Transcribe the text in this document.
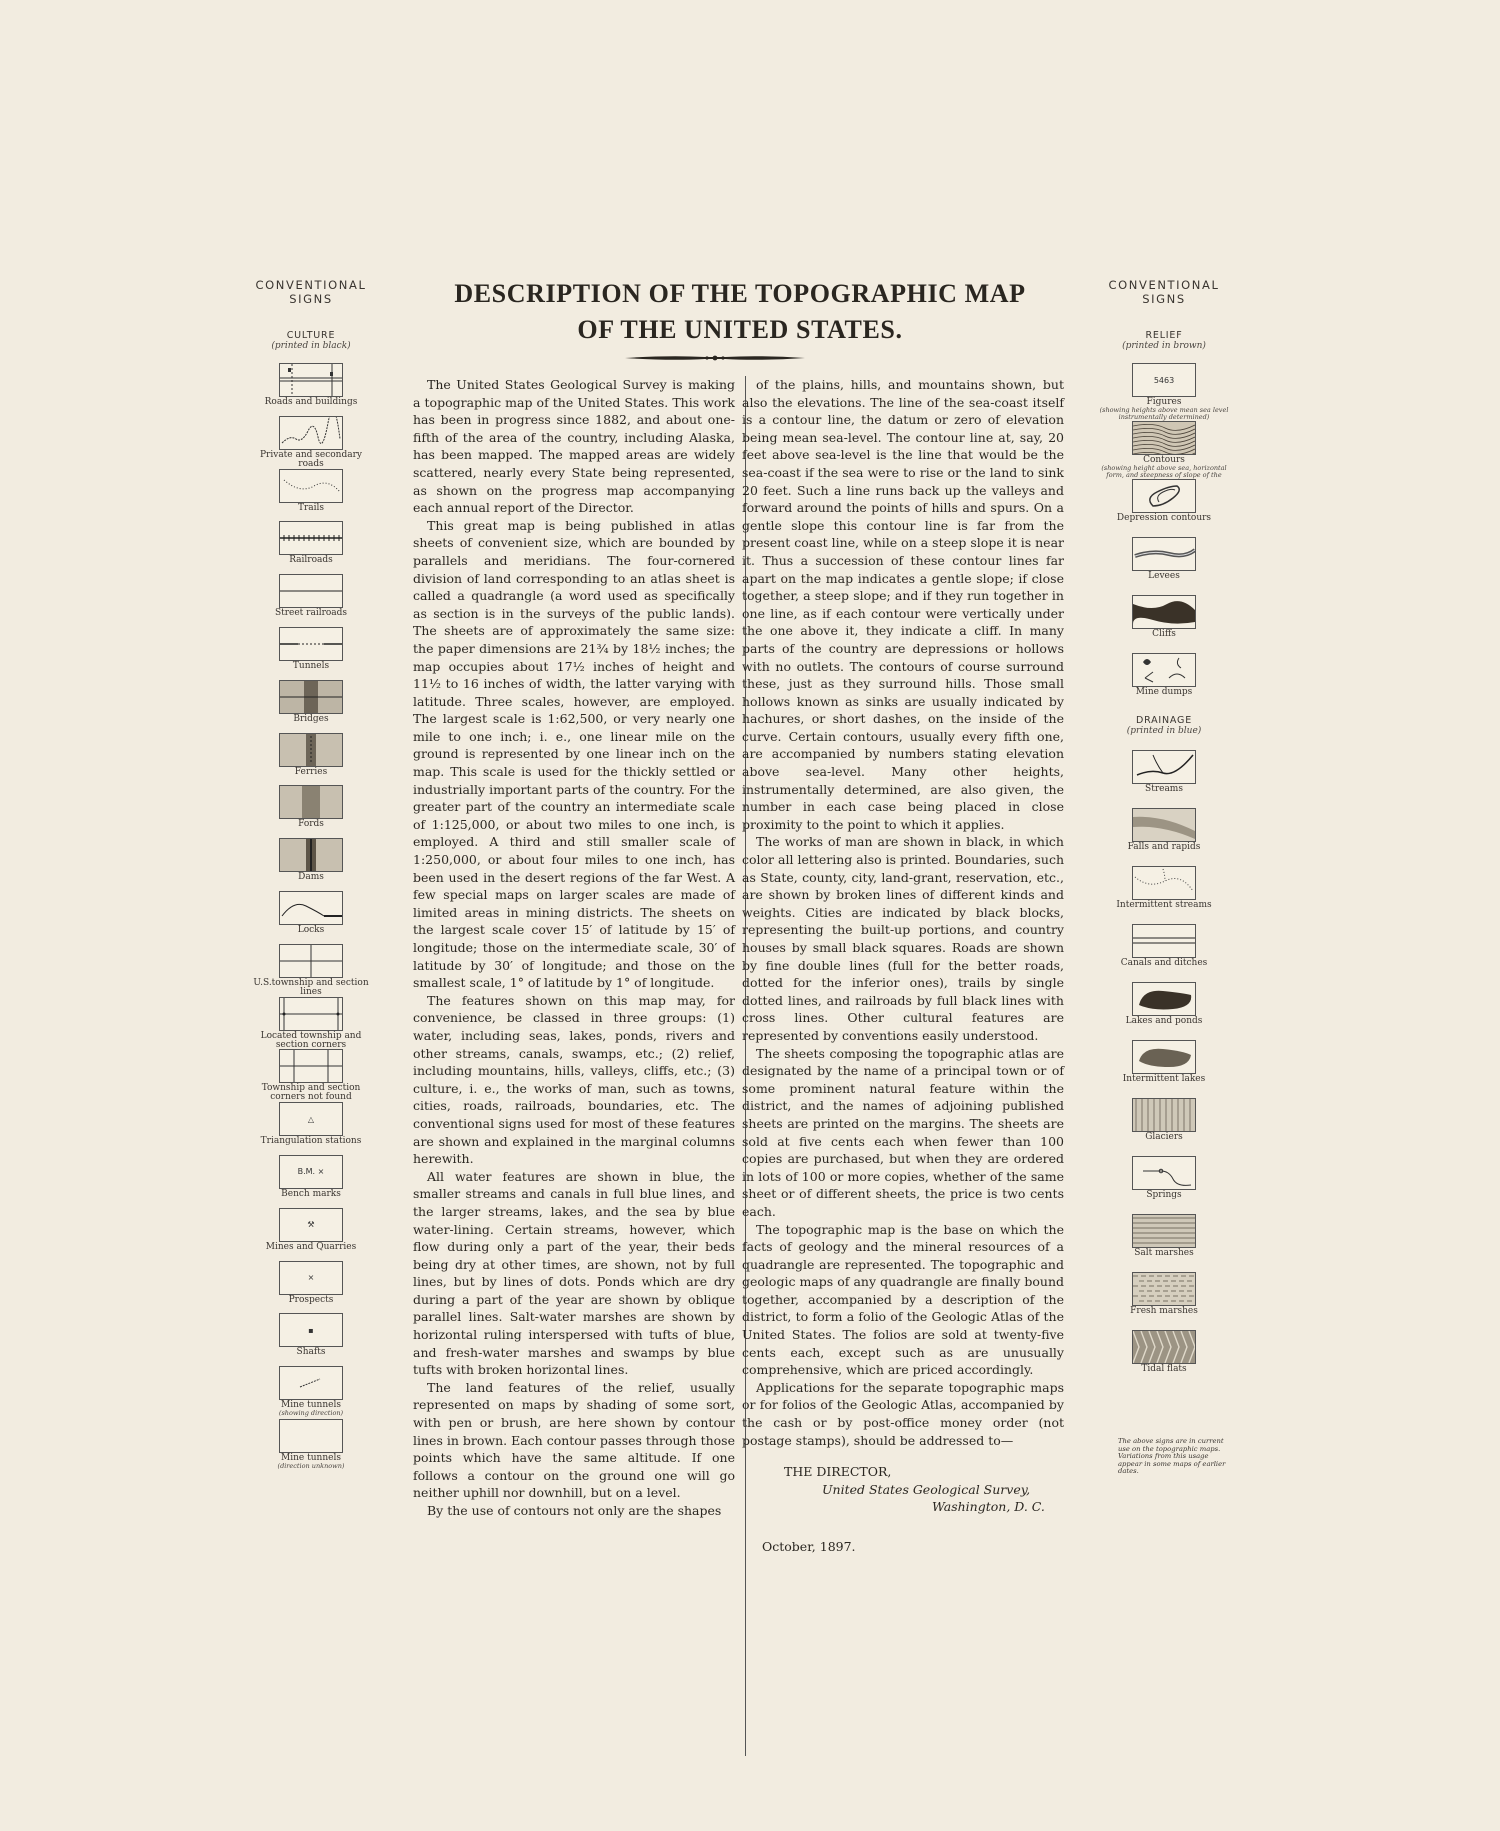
CONVENTIONAL SIGNS
CULTURE
(printed in black)
Roads and buildings
Private and secondary roads
Trails
Railroads
Street railroads
Tunnels
Bridges
Ferries
Fords
Dams
Locks
U.S.township and section lines
Located township and section corners
Township and section corners not found
△
Triangulation stations
B.M. ×
Bench marks
⚒
Mines and Quarries
×
Prospects
▪
Shafts
Mine tunnels
(showing direction)
Mine tunnels
(direction unknown)
DESCRIPTION OF THE TOPOGRAPHIC MAP
OF THE UNITED STATES.

The United States Geological Survey is making a topographic map of the United States. This work has been in progress since 1882, and about one-fifth of the area of the country, including Alaska, has been mapped. The mapped areas are widely scattered, nearly every State being represented, as shown on the progress map accompanying each annual report of the Director.

This great map is being published in atlas sheets of convenient size, which are bounded by parallels and meridians. The four-cornered division of land corresponding to an atlas sheet is called a quadrangle (a word used as specifically as section is in the surveys of the public lands). The sheets are of approximately the same size: the paper dimensions are 21¾ by 18½ inches; the map occupies about 17½ inches of height and 11½ to 16 inches of width, the latter varying with latitude. Three scales, however, are employed. The largest scale is 1:62,500, or very nearly one mile to one inch; i. e., one linear mile on the ground is represented by one linear inch on the map. This scale is used for the thickly settled or industrially important parts of the country. For the greater part of the country an intermediate scale of 1:125,000, or about two miles to one inch, is employed. A third and still smaller scale of 1:250,000, or about four miles to one inch, has been used in the desert regions of the far West. A few special maps on larger scales are made of limited areas in mining districts. The sheets on the largest scale cover 15′ of latitude by 15′ of longitude; those on the intermediate scale, 30′ of latitude by 30′ of longitude; and those on the smallest scale, 1° of latitude by 1° of longitude.

The features shown on this map may, for convenience, be classed in three groups: (1) water, including seas, lakes, ponds, rivers and other streams, canals, swamps, etc.; (2) relief, including mountains, hills, valleys, cliffs, etc.; (3) culture, i. e., the works of man, such as towns, cities, roads, railroads, boundaries, etc. The conventional signs used for most of these features are shown and explained in the marginal columns herewith.

All water features are shown in blue, the smaller streams and canals in full blue lines, and the larger streams, lakes, and the sea by blue water-lining. Certain streams, however, which flow during only a part of the year, their beds being dry at other times, are shown, not by full lines, but by lines of dots. Ponds which are dry during a part of the year are shown by oblique parallel lines. Salt-water marshes are shown by horizontal ruling interspersed with tufts of blue, and fresh-water marshes and swamps by blue tufts with broken horizontal lines.

The land features of the relief, usually represented on maps by shading of some sort, with pen or brush, are here shown by contour lines in brown. Each contour passes through those points which have the same altitude. If one follows a contour on the ground one will go neither uphill nor downhill, but on a level.

By the use of contours not only are the shapes

of the plains, hills, and mountains shown, but also the elevations. The line of the sea-coast itself is a contour line, the datum or zero of elevation being mean sea-level. The contour line at, say, 20 feet above sea-level is the line that would be the sea-coast if the sea were to rise or the land to sink 20 feet. Such a line runs back up the valleys and forward around the points of hills and spurs. On a gentle slope this contour line is far from the present coast line, while on a steep slope it is near it. Thus a succession of these contour lines far apart on the map indicates a gentle slope; if close together, a steep slope; and if they run together in one line, as if each contour were vertically under the one above it, they indicate a cliff. In many parts of the country are depressions or hollows with no outlets. The contours of course surround these, just as they surround hills. Those small hollows known as sinks are usually indicated by hachures, or short dashes, on the inside of the curve. Certain contours, usually every fifth one, are accompanied by numbers stating elevation above sea-level. Many other heights, instrumentally determined, are also given, the number in each case being placed in close proximity to the point to which it applies.

The works of man are shown in black, in which color all lettering also is printed. Boundaries, such as State, county, city, land-grant, reservation, etc., are shown by broken lines of different kinds and weights. Cities are indicated by black blocks, representing the built-up portions, and country houses by small black squares. Roads are shown by fine double lines (full for the better roads, dotted for the inferior ones), trails by single dotted lines, and railroads by full black lines with cross lines. Other cultural features are represented by conventions easily understood.

The sheets composing the topographic atlas are designated by the name of a principal town or of some prominent natural feature within the district, and the names of adjoining published sheets are printed on the margins. The sheets are sold at five cents each when fewer than 100 copies are purchased, but when they are ordered in lots of 100 or more copies, whether of the same sheet or of different sheets, the price is two cents each.

The topographic map is the base on which the facts of geology and the mineral resources of a quadrangle are represented. The topographic and geologic maps of any quadrangle are finally bound together, accompanied by a description of the district, to form a folio of the Geologic Atlas of the United States. The folios are sold at twenty-five cents each, except such as are unusually comprehensive, which are priced accordingly.

Applications for the separate topographic maps or for folios of the Geologic Atlas, accompanied by the cash or by post-office money order (not postage stamps), should be addressed to—

THE DIRECTOR,
United States Geological Survey,
Washington, D. C.
October, 1897.
CONVENTIONAL SIGNS
RELIEF
(printed in brown)
5463
Figures
(showing heights above mean sea level instrumentally determined)
Contours
(showing height above sea, horizontal form, and steepness of slope of the
Depression contours
Levees
Cliffs
Mine dumps
DRAINAGE
(printed in blue)
Streams
Falls and rapids
Intermittent streams
Canals and ditches
Lakes and ponds
Intermittent lakes
Glaciers
Springs
Salt marshes
Fresh marshes
Tidal flats
The above signs are in current use on the topographic maps. Variations from this usage appear in some maps of earlier dates.
